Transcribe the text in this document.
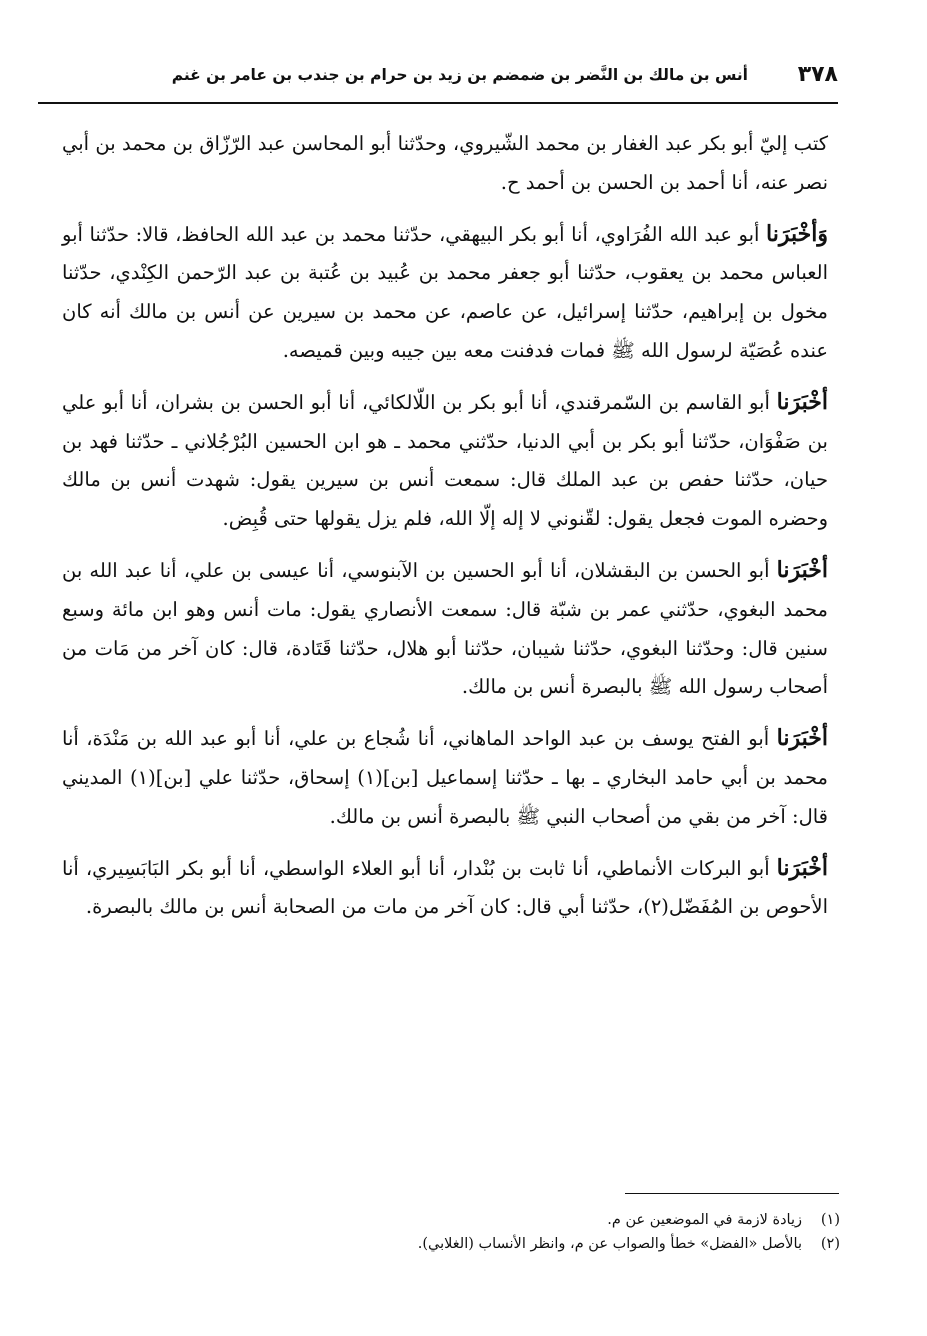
٣٧٨
أنس بن مالك بن النَّضر بن ضمضم بن زيد بن حرام بن جندب بن عامر بن غنم

كتب إليّ أبو بكر عبد الغفار بن محمد الشّيروي، وحدّثنا أبو المحاسن عبد الرّزّاق بن محمد بن أبي نصر عنه، أنا أحمد بن الحسن بن أحمد ح.

وَأخْبَرَنا أبو عبد الله الفُرَاوي، أنا أبو بكر البيهقي، حدّثنا محمد بن عبد الله الحافظ، قالا: حدّثنا أبو العباس محمد بن يعقوب، حدّثنا أبو جعفر محمد بن عُبيد بن عُتبة بن عبد الرّحمن الكِنْدي، حدّثنا مخول بن إبراهيم، حدّثنا إسرائيل، عن عاصم، عن محمد بن سيرين عن أنس بن مالك أنه كان عنده عُصَيّة لرسول الله ﷺ فمات فدفنت معه بين جيبه وبين قميصه.

أخْبَرَنا أبو القاسم بن السّمرقندي، أنا أبو بكر بن اللّالكائي، أنا أبو الحسن بن بشران، أنا أبو علي بن صَفْوَان، حدّثنا أبو بكر بن أبي الدنيا، حدّثني محمد ـ هو ابن الحسين البُرْجُلاني ـ حدّثنا فهد بن حيان، حدّثنا حفص بن عبد الملك قال: سمعت أنس بن سيرين يقول: شهدت أنس بن مالك وحضره الموت فجعل يقول: لقّنوني لا إله إلّا الله، فلم يزل يقولها حتى قُبِض.

أخْبَرَنا أبو الحسن بن البقشلان، أنا أبو الحسين بن الآبنوسي، أنا عيسى بن علي، أنا عبد الله بن محمد البغوي، حدّثني عمر بن شبّة قال: سمعت الأنصاري يقول: مات أنس وهو ابن مائة وسبع سنين قال: وحدّثنا البغوي، حدّثنا شيبان، حدّثنا أبو هلال، حدّثنا قَتَادة، قال: كان آخر من مَات من أصحاب رسول الله ﷺ بالبصرة أنس بن مالك.

أخْبَرَنا أبو الفتح يوسف بن عبد الواحد الماهاني، أنا شُجاع بن علي، أنا أبو عبد الله بن مَنْدَة، أنا محمد بن أبي حامد البخاري ـ بها ـ حدّثنا إسماعيل [بن](١) إسحاق، حدّثنا علي [بن](١) المديني قال: آخر من بقي من أصحاب النبي ﷺ بالبصرة أنس بن مالك.

أخْبَرَنا أبو البركات الأنماطي، أنا ثابت بن بُنْدار، أنا أبو العلاء الواسطي، أنا أبو بكر البَابَسِيري، أنا الأحوص بن المُفَضّل(٢)، حدّثنا أبي قال: كان آخر من مات من الصحابة أنس بن مالك بالبصرة.

(١)زيادة لازمة في الموضعين عن م.
(٢)بالأصل «الفضل» خطأ والصواب عن م، وانظر الأنساب (الغلابي).
